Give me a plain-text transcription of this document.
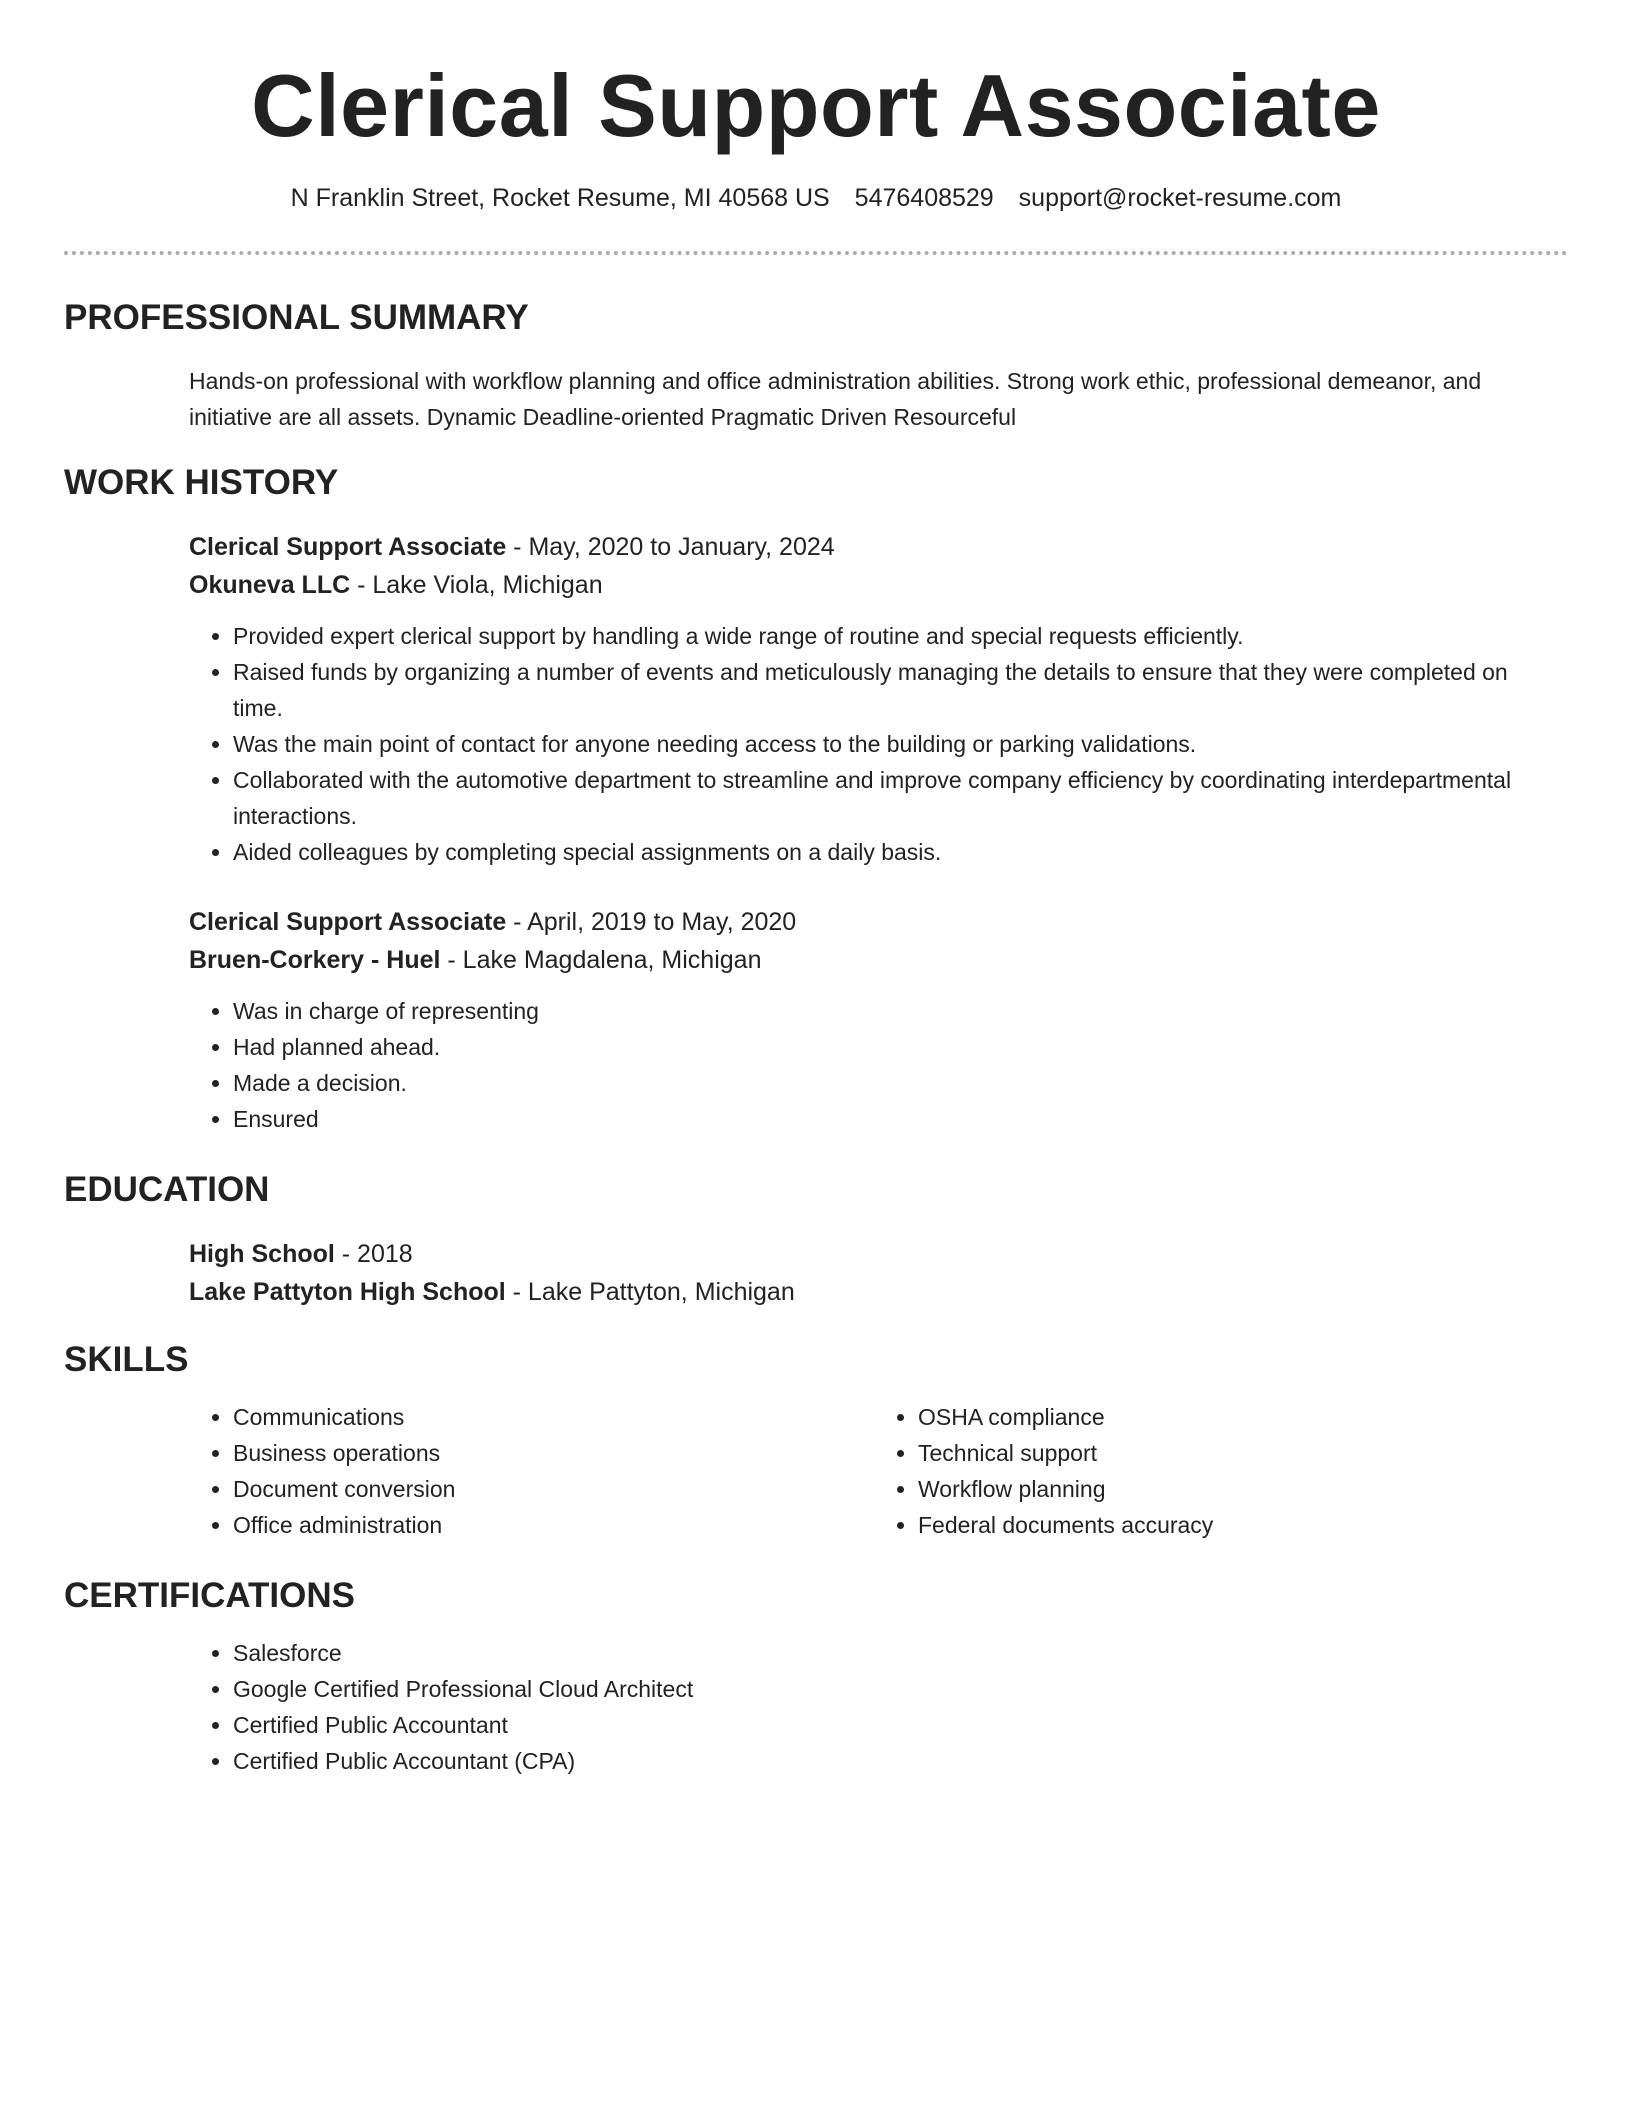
Clerical Support Associate
N Franklin Street, Rocket Resume, MI 40568 US 5476408529 support@rocket-resume.com
PROFESSIONAL SUMMARY

Hands-on professional with workflow planning and office administration abilities. Strong work ethic, professional demeanor, and initiative are all assets. Dynamic Deadline-oriented Pragmatic Driven Resourceful

WORK HISTORY

Clerical Support Associate - May, 2020 to January, 2024

Okuneva LLC - Lake Viola, Michigan

• Provided expert clerical support by handling a wide range of routine and special requests efficiently.
• Raised funds by organizing a number of events and meticulously managing the details to ensure that they were completed on time.
• Was the main point of contact for anyone needing access to the building or parking validations.
• Collaborated with the automotive department to streamline and improve company efficiency by coordinating interdepartmental interactions.
• Aided colleagues by completing special assignments on a daily basis.

Clerical Support Associate - April, 2019 to May, 2020

Bruen-Corkery - Huel - Lake Magdalena, Michigan

• Was in charge of representing
• Had planned ahead.
• Made a decision.
• Ensured
EDUCATION

High School - 2018

Lake Pattyton High School - Lake Pattyton, Michigan

SKILLS
• Communications
• Business operations
• Document conversion
• Office administration
• OSHA compliance
• Technical support
• Workflow planning
• Federal documents accuracy
CERTIFICATIONS
• Salesforce
• Google Certified Professional Cloud Architect
• Certified Public Accountant
• Certified Public Accountant (CPA)
